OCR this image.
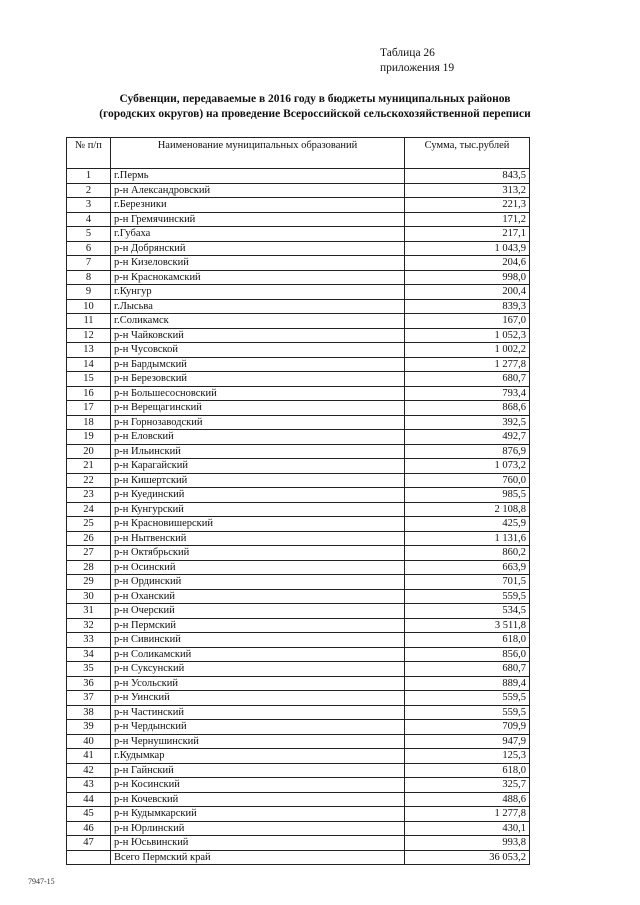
Таблица 26
приложения 19
Субвенции, передаваемые в 2016 году в бюджеты муниципальных районов
(городских округов) на проведение Всероссийской сельскохозяйственной переписи
№ п/п	Наименование муниципальных образований	Сумма, тыс.рублей
1	г.Пермь	843,5
2	р-н Александровский	313,2
3	г.Березники	221,3
4	р-н Гремячинский	171,2
5	г.Губаха	217,1
6	р-н Добрянский	1 043,9
7	р-н Кизеловский	204,6
8	р-н Краснокамский	998,0
9	г.Кунгур	200,4
10	г.Лысьва	839,3
11	г.Соликамск	167,0
12	р-н Чайковский	1 052,3
13	р-н Чусовской	1 002,2
14	р-н Бардымский	1 277,8
15	р-н Березовский	680,7
16	р-н Большесосновский	793,4
17	р-н Верещагинский	868,6
18	р-н Горнозаводский	392,5
19	р-н Еловский	492,7
20	р-н Ильинский	876,9
21	р-н Карагайский	1 073,2
22	р-н Кишертский	760,0
23	р-н Куединский	985,5
24	р-н Кунгурский	2 108,8
25	р-н Красновишерский	425,9
26	р-н Нытвенский	1 131,6
27	р-н Октябрьский	860,2
28	р-н Осинский	663,9
29	р-н Ординский	701,5
30	р-н Оханский	559,5
31	р-н Очерский	534,5
32	р-н Пермский	3 511,8
33	р-н Сивинский	618,0
34	р-н Соликамский	856,0
35	р-н Суксунский	680,7
36	р-н Усольский	889,4
37	р-н Уинский	559,5
38	р-н Частинский	559,5
39	р-н Чердынский	709,9
40	р-н Чернушинский	947,9
41	г.Кудымкар	125,3
42	р-н Гайнский	618,0
43	р-н Косинский	325,7
44	р-н Кочевский	488,6
45	р-н Кудымкарский	1 277,8
46	р-н Юрлинский	430,1
47	р-н Юсьвинский	993,8
	Всего Пермский край	36 053,2
7947-15
